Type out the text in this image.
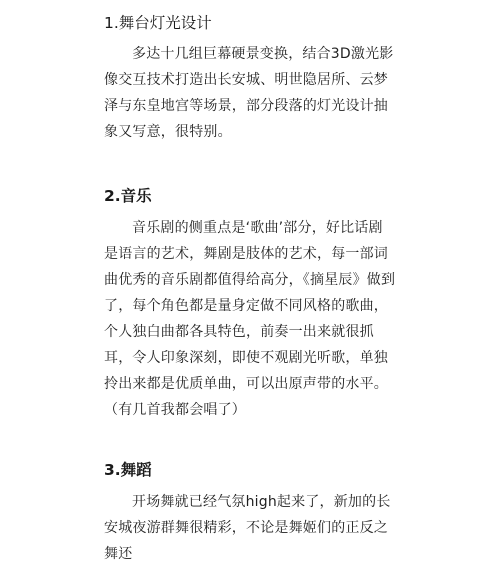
1.舞台灯光设计

多达十几组巨幕硬景变换，结合3D激光影像交互技术打造出长安城、明世隐居所、云梦泽与东皇地宫等场景，部分段落的灯光设计抽象又写意，很特别。

2.音乐

音乐剧的侧重点是‘歌曲’部分，好比话剧是语言的艺术，舞剧是肢体的艺术，每一部词曲优秀的音乐剧都值得给高分，《摘星辰》做到了，每个角色都是量身定做不同风格的歌曲，个人独白曲都各具特色，前奏一出来就很抓耳，令人印象深刻，即使不观剧光听歌，单独拎出来都是优质单曲，可以出原声带的水平。（有几首我都会唱了）

3.舞蹈

开场舞就已经气氛high起来了，新加的长安城夜游群舞很精彩，不论是舞姬们的正反之舞还
